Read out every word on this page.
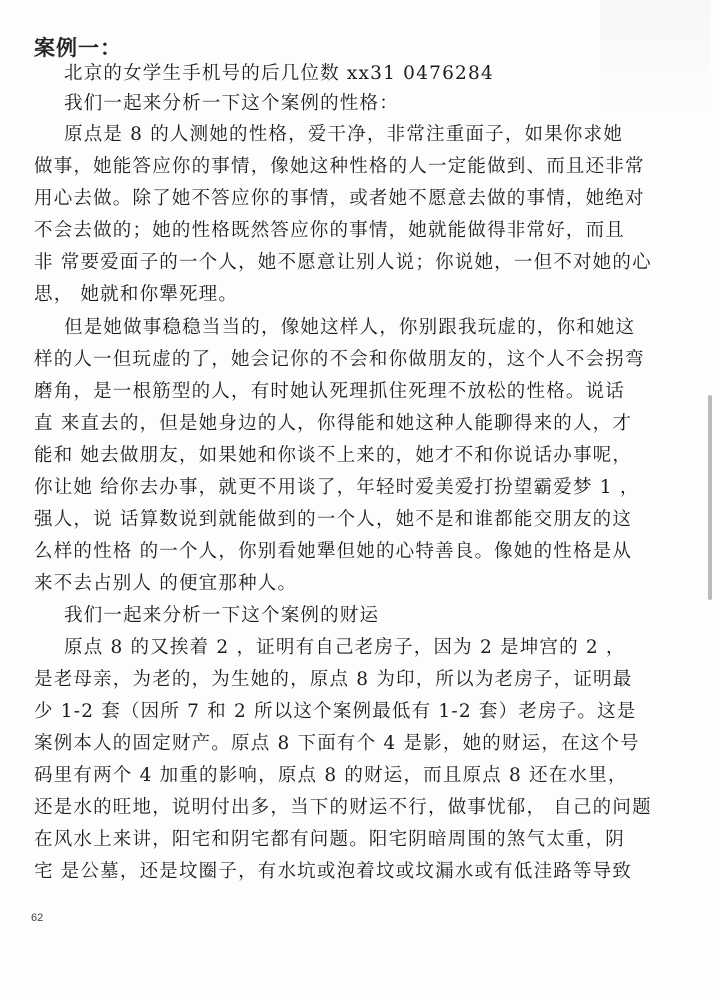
案例一：
北京的女学生手机号的后几位数 xx31 0476284
我们一起来分析一下这个案例的性格：
原点是 8 的人测她的性格，爱干净，非常注重面子，如果你求她
做事，她能答应你的事情，像她这种性格的人一定能做到、而且还非常
用心去做。除了她不答应你的事情，或者她不愿意去做的事情，她绝对
不会去做的；她的性格既然答应你的事情，她就能做得非常好，而且
非 常要爱面子的一个人，她不愿意让别人说；你说她，一但不对她的心
思， 她就和你犟死理。
但是她做事稳稳当当的，像她这样人，你别跟我玩虚的，你和她这
样的人一但玩虚的了，她会记你的不会和你做朋友的，这个人不会拐弯
磨角，是一根筋型的人，有时她认死理抓住死理不放松的性格。说话
直 来直去的，但是她身边的人，你得能和她这种人能聊得来的人，才
能和 她去做朋友，如果她和你谈不上来的，她才不和你说话办事呢，
你让她 给你去办事，就更不用谈了，年轻时爱美爱打扮望霸爱梦 1 ，
强人，说 话算数说到就能做到的一个人，她不是和谁都能交朋友的这
么样的性格 的一个人，你别看她犟但她的心特善良。像她的性格是从
来不去占别人 的便宜那种人。
我们一起来分析一下这个案例的财运
原点 8 的又挨着 2 ，证明有自己老房子，因为 2 是坤宫的 2 ，
是老母亲，为老的，为生她的，原点 8 为印，所以为老房子，证明最
少 1-2 套（因所 7 和 2 所以这个案例最低有 1-2 套）老房子。这是
案例本人的固定财产。原点 8 下面有个 4 是影，她的财运，在这个号
码里有两个 4 加重的影响，原点 8 的财运，而且原点 8 还在水里，
还是水的旺地，说明付出多，当下的财运不行，做事忧郁， 自己的问题
在风水上来讲，阳宅和阴宅都有问题。阳宅阴暗周围的煞气太重，阴
宅 是公墓，还是坟圈子，有水坑或泡着坟或坟漏水或有低洼路等导致
62
